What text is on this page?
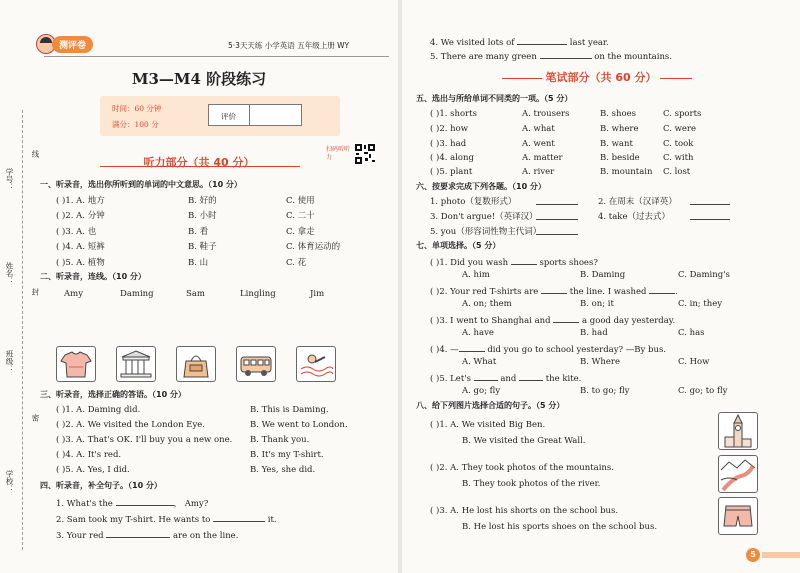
学号：
线
姓名：
封
班级：
密
学校：
测评卷	5·3天天练 小学英语 五年级上册 WY
M3—M4 阶段练习
时间：60 分钟
满分：100 分
评价
扫码听听力
听力部分（共 40 分）
一、听录音，选出你所听到的单词的中文意思。（10 分）
( )1. A. 地方	B. 好的	C. 使用
( )2. A. 分钟	B. 小时	C. 二十
( )3. A. 也	B. 看	C. 拿走
( )4. A. 短裤	B. 鞋子	C. 体育运动的
( )5. A. 植物	B. 山	C. 花
二、听录音，连线。（10 分）
Amy	Daming	Sam	Lingling	Jim
三、听录音，选择正确的答语。（10 分）
( )1. A. Daming did.	B. This is Daming.
( )2. A. We visited the London Eye.	B. We went to London.
( )3. A. That's OK. I'll buy you a new one. B. Thank you.
( )4. A. It's red.	B. It's my T-shirt.
( )5. A. Yes, I did.	B. Yes, she did.
四、听录音，补全句子。（10 分）
1. What's the	， Amy?
2. Sam took my T-shirt. He wants to	it.
3. Your red	are on the line.
4. We visited lots of	last year.
5. There are many green	on the mountains.
笔试部分（共 60 分）
五、选出与所给单词不同类的一项。（5 分）
( )1. shorts	A. trousers	B. shoes	C. sports
( )2. how	A. what	B. where	C. were
( )3. had	A. went	B. want	C. took
( )4. along	A. matter	B. beside	C. with
( )5. plant	A. river	B. mountain C. lost
六、按要求完成下列各题。（10 分）
1. photo（复数形式）	2. 在周末（汉译英）
3. Don't argue!（英译汉）	4. take（过去式）
5. you（形容词性物主代词）
七、单项选择。（5 分）
( )1. Did you wash	sports shoes?
A. him	B. Daming	C. Daming's
( )2. Your red T-shirts are	the line. I washed	.
A. on; them	B. on; it	C. in; they
( )3. I went to Shanghai and	a good day yesterday.
A. have	B. had	C. has
( )4. —	did you go to school yesterday? —By bus.
A. What	B. Where	C. How
( )5. Let's	and	the kite.
A. go; fly	B. to go; fly	C. go; to fly
八、给下列图片选择合适的句子。（5 分）
( )1. A. We visited Big Ben.
B. We visited the Great Wall.
( )2. A. They took photos of the mountains.
B. They took photos of the river.
( )3. A. He lost his shorts on the school bus.
B. He lost his sports shoes on the school bus.
5
